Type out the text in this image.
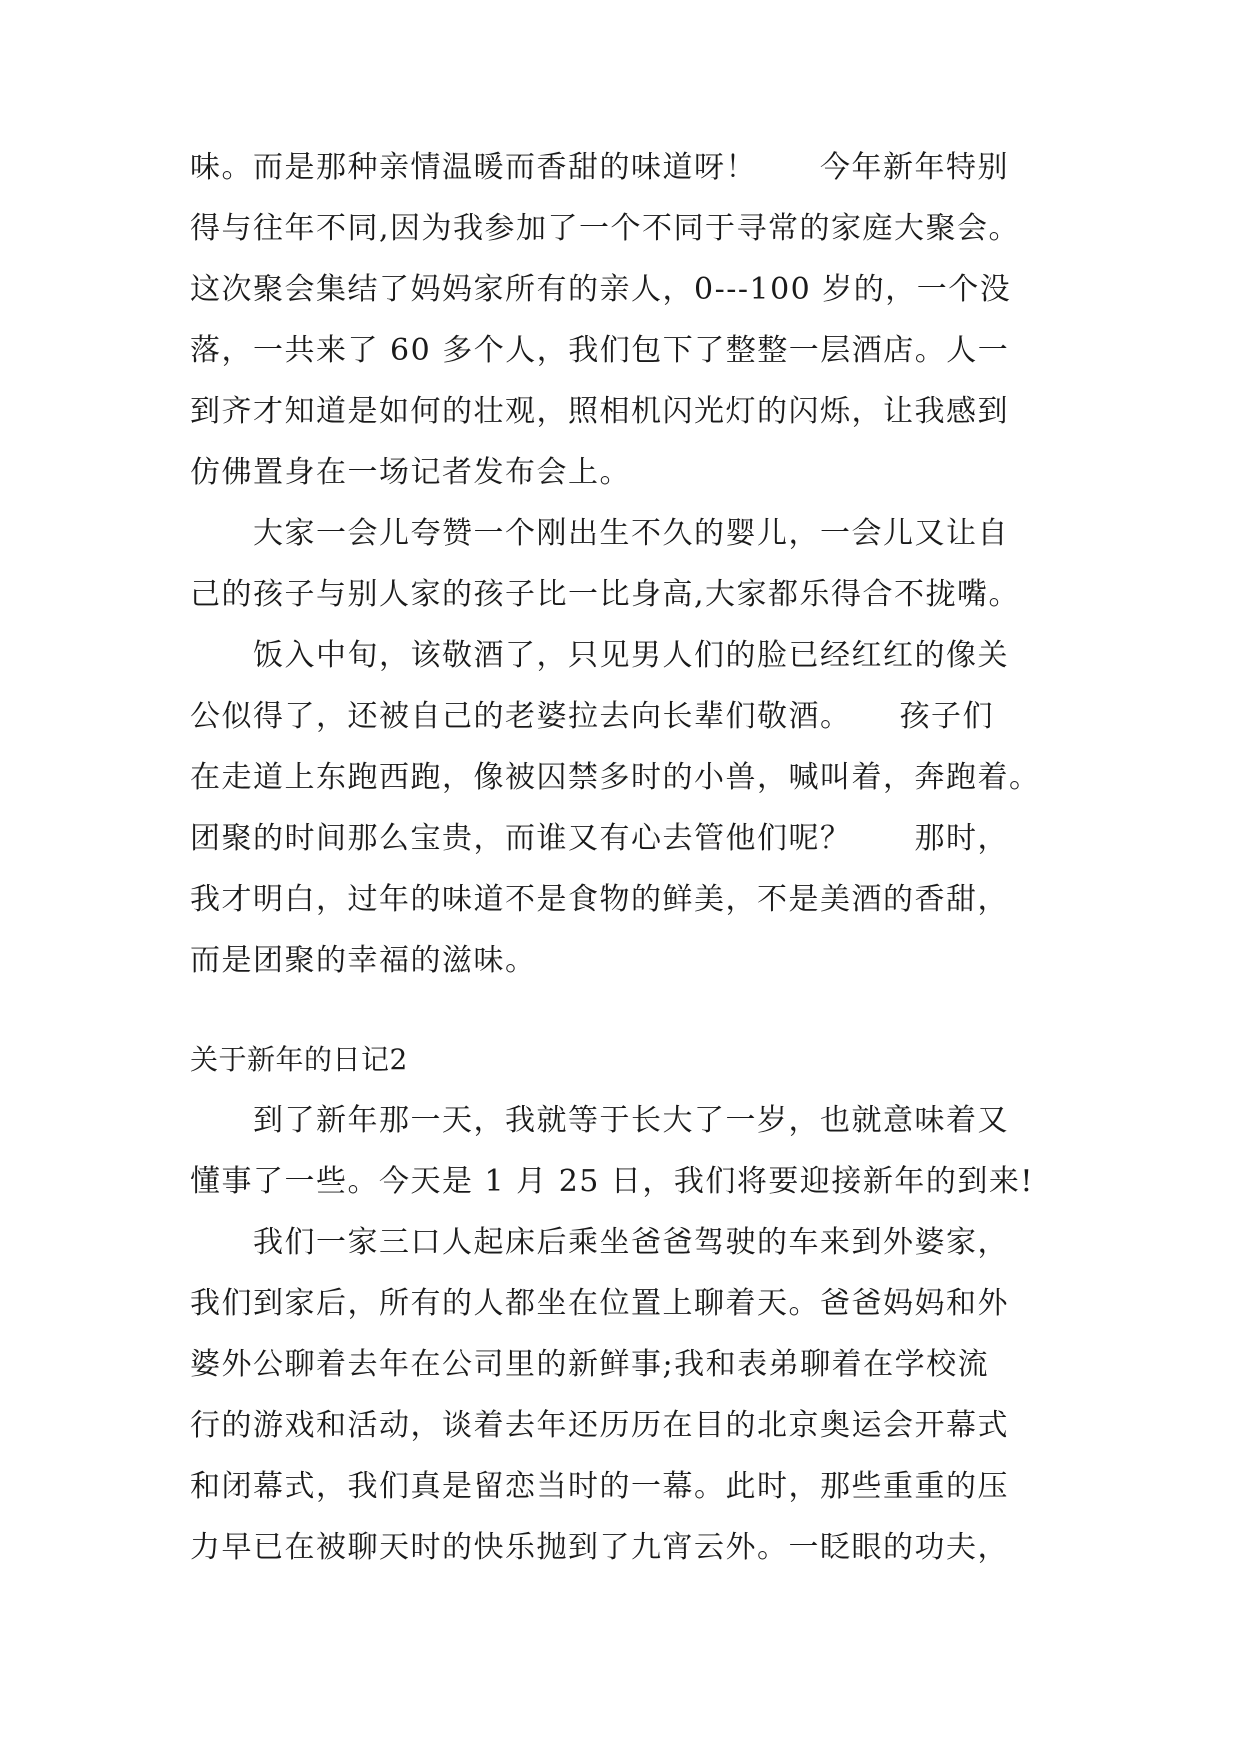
味。而是那种亲情温暖而香甜的味道呀！　　今年新年特别
得与往年不同,因为我参加了一个不同于寻常的家庭大聚会。
这次聚会集结了妈妈家所有的亲人，0---100 岁的，一个没
落，一共来了 60 多个人，我们包下了整整一层酒店。人一
到齐才知道是如何的壮观，照相机闪光灯的闪烁，让我感到
仿佛置身在一场记者发布会上。
　　大家一会儿夸赞一个刚出生不久的婴儿，一会儿又让自
己的孩子与别人家的孩子比一比身高,大家都乐得合不拢嘴。
　　饭入中旬，该敬酒了，只见男人们的脸已经红红的像关
公似得了，还被自己的老婆拉去向长辈们敬酒。　　孩子们
在走道上东跑西跑，像被囚禁多时的小兽，喊叫着，奔跑着。
团聚的时间那么宝贵，而谁又有心去管他们呢？　　那时，
我才明白，过年的味道不是食物的鲜美，不是美酒的香甜，
而是团聚的幸福的滋味。
关于新年的日记2
　　到了新年那一天，我就等于长大了一岁，也就意味着又
懂事了一些。今天是 1 月 25 日，我们将要迎接新年的到来!
　　我们一家三口人起床后乘坐爸爸驾驶的车来到外婆家，
我们到家后，所有的人都坐在位置上聊着天。爸爸妈妈和外
婆外公聊着去年在公司里的新鲜事;我和表弟聊着在学校流
行的游戏和活动，谈着去年还历历在目的北京奥运会开幕式
和闭幕式，我们真是留恋当时的一幕。此时，那些重重的压
力早已在被聊天时的快乐抛到了九宵云外。一眨眼的功夫，
